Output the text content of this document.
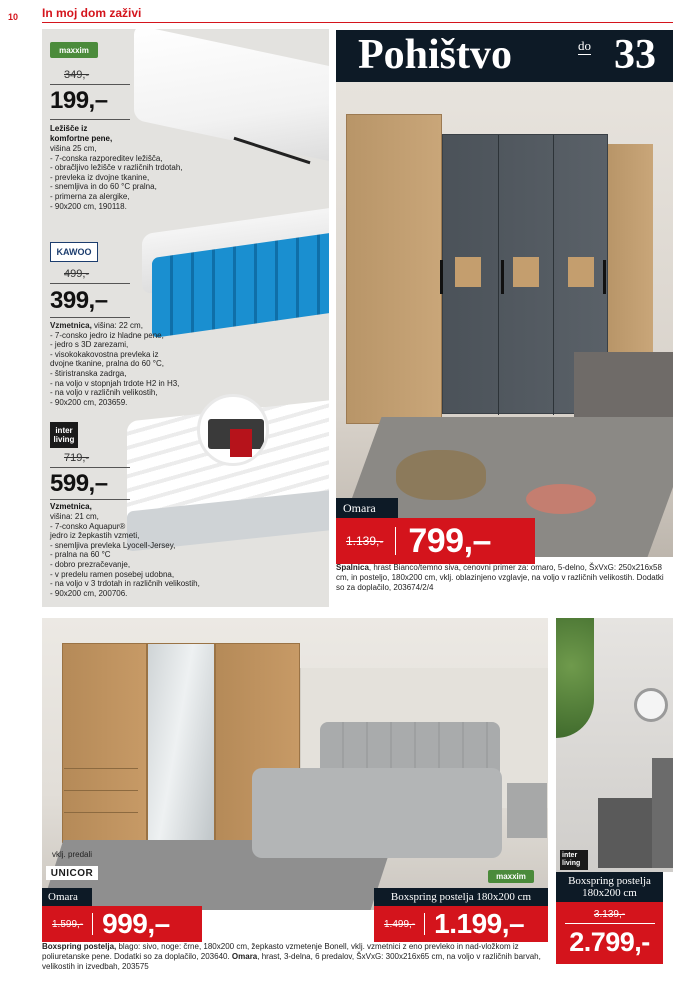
10 In moj dom zaživi
maxxim
349,-
199,–
Ležišče iz
komfortne pene,
višina 25 cm,
- 7-conska razporeditev ležišča,
- obračljivo ležišče v različnih trdotah,
- prevleka iz dvojne tkanine,
- snemljiva in do 60 °C pralna,
- primerna za alergike,
- 90x200 cm, 190118.
KAWOO
499,-
399,–
Vzmetnica, višina: 22 cm,
- 7-consko jedro iz hladne pene,
- jedro s 3D zarezami,
- visokokakovostna prevleka iz
dvojne tkanine, pralna do 60 °C,
- štiristranska zadrga,
- na voljo v stopnjah trdote H2 in H3,
- na voljo v različnih velikostih,
- 90x200 cm, 203659.
inter
living
719,-
599,–
Vzmetnica,
višina: 21 cm,
- 7-consko Aquapur®
jedro iz žepkastih vzmeti,
- snemljiva prevleka Lyocell-Jersey,
- pralna na 60 °C
- dobro prezračevanje,
- v predelu ramen posebej udobna,
- na voljo v 3 trdotah in različnih velikostih,
- 90x200 cm, 200706.
Pohištvo	do 33
Omara
1.139,- 799,–
Spalnica, hrast Bianco/temno siva, cenovni primer za: omaro, 5-delno, ŠxVxG: 250x216x58 cm, in posteljo, 180x200 cm, vklj. oblazinjeno vzglavje, na voljo v različnih velikostih. Dodatki so za doplačilo, 203674/2/4
vklj. predali
UNICOR	maxxim
Omara
1.599,- 999,–
Boxspring postelja 180x200 cm
1.499,- 1.199,–
inter
living
Boxspring postelja
180x200 cm
3.139,-
2.799,-
Boxspring postelja, blago: sivo, noge: črne, 180x200 cm, žepkasto vzmetenje Bonell, vklj. vzmetnici z eno prevleko in nad-vložkom iz poliuretanske pene. Dodatki so za doplačilo, 203640. Omara, hrast, 3-delna, 6 predalov, ŠxVxG: 300x216x65 cm, na voljo v različnih barvah, velikostih in izvedbah, 203575
